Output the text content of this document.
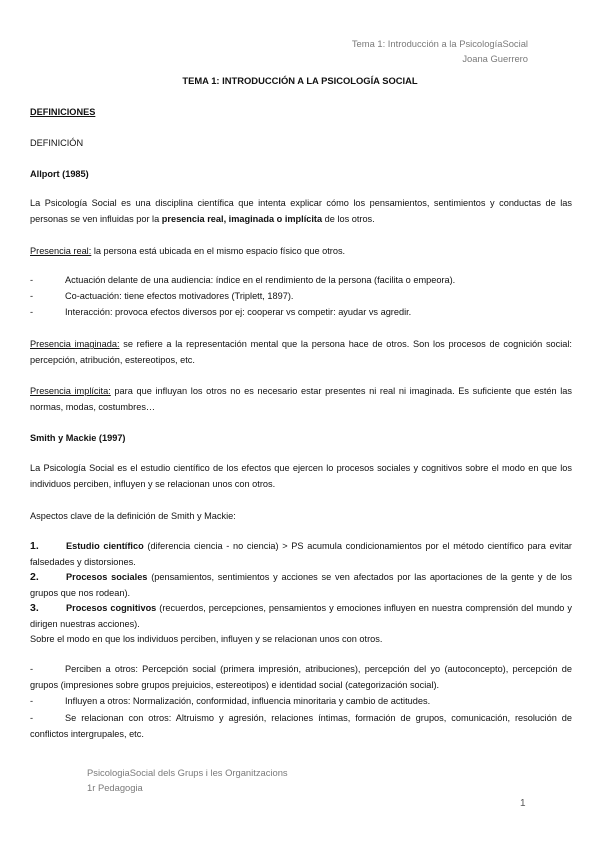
Tema 1: Introducción a la PsicologíaSocial
Joana Guerrero
TEMA 1: INTRODUCCIÓN A LA PSICOLOGÍA SOCIAL
DEFINICIONES
DEFINICIÓN
Allport (1985)
La Psicología Social es una disciplina científica que intenta explicar cómo los pensamientos, sentimientos y conductas de las personas se ven influidas por la presencia real, imaginada o implícita de los otros.
Presencia real: la persona está ubicada en el mismo espacio físico que otros.
-	Actuación delante de una audiencia: índice en el rendimiento de la persona (facilita o empeora).
-	Co-actuación: tiene efectos motivadores (Triplett, 1897).
-	Interacción: provoca efectos diversos por ej: cooperar vs competir: ayudar vs agredir.
Presencia imaginada: se refiere a la representación mental que la persona hace de otros. Son los procesos de cognición social: percepción, atribución, estereotipos, etc.
Presencia implícita: para que influyan los otros no es necesario estar presentes ni real ni imaginada. Es suficiente que estén las normas, modas, costumbres…
Smith y Mackie (1997)
La Psicología Social es el estudio científico de los efectos que ejercen lo procesos sociales y cognitivos sobre el modo en que los individuos perciben, influyen y se relacionan unos con otros.
Aspectos clave de la definición de Smith y Mackie:
1.	Estudio científico (diferencia ciencia - no ciencia) > PS acumula condicionamientos por el método científico para evitar falsedades y distorsiones.
2.	Procesos sociales (pensamientos, sentimientos y acciones se ven afectados por las aportaciones de la gente y de los grupos que nos rodean).
3.	Procesos cognitivos (recuerdos, percepciones, pensamientos y emociones influyen en nuestra comprensión del mundo y dirigen nuestras acciones).
Sobre el modo en que los individuos perciben, influyen y se relacionan unos con otros.
-	Perciben a otros: Percepción social (primera impresión, atribuciones), percepción del yo (autoconcepto), percepción de grupos (impresiones sobre grupos prejuicios, estereotipos) e identidad social (categorización social).
-	Influyen a otros: Normalización, conformidad, influencia minoritaria y cambio de actitudes.
-	Se relacionan con otros: Altruismo y agresión, relaciones íntimas, formación de grupos, comunicación, resolución de conflictos intergrupales, etc.
PsicologiaSocial dels Grups i les Organitzacions
1r Pedagogia
1
